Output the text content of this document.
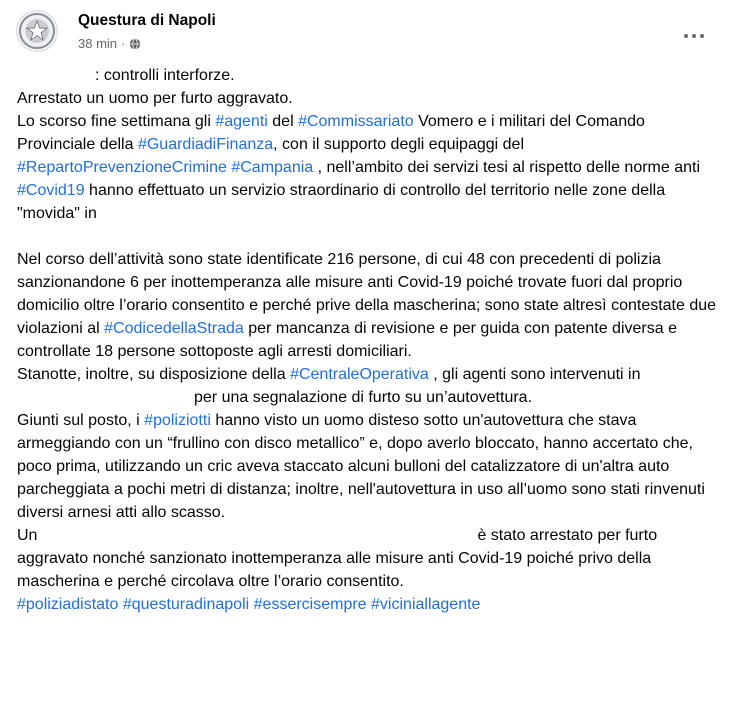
Questura di Napoli
38 min ·

: controlli interforze.
Arrestato un uomo per furto aggravato.

Lo scorso fine settimana gli #agenti del #Commissariato Vomero e i militari del Comando Provinciale della #GuardiadiFinanza, con il supporto degli equipaggi del #RepartoPrevenzioneCrimine #Campania , nell’ambito dei servizi tesi al rispetto delle norme anti #Covid19 hanno effettuato un servizio straordinario di controllo del territorio nelle zone della "movida" in

Nel corso dell’attività sono state identificate 216 persone, di cui 48 con precedenti di polizia sanzionandone 6 per inottemperanza alle misure anti Covid-19 poiché trovate fuori dal proprio domicilio oltre l’orario consentito e perché prive della mascherina; sono state altresì contestate due violazioni al #CodicedellaStrada per mancanza di revisione e per guida con patente diversa e controllate 18 persone sottoposte agli arresti domiciliari.

Stanotte, inoltre, su disposizione della #CentraleOperativa , gli agenti sono intervenuti inper una segnalazione di furto su un’autovettura.

Giunti sul posto, i #poliziotti hanno visto un uomo disteso sotto un'autovettura che stava armeggiando con un “frullino con disco metallico” e, dopo averlo bloccato, hanno accertato che, poco prima, utilizzando un cric aveva staccato alcuni bulloni del catalizzatore di un'altra auto parcheggiata a pochi metri di distanza; inoltre, nell'autovettura in uso all’uomo sono stati rinvenuti diversi arnesi atti allo scasso.

Un	è stato arrestato per furto aggravato nonché sanzionato inottemperanza alle misure anti Covid-19 poiché privo della mascherina e perché circolava oltre l’orario consentito.

#poliziadistato #questuradinapoli #essercisempre #viciniallagente
